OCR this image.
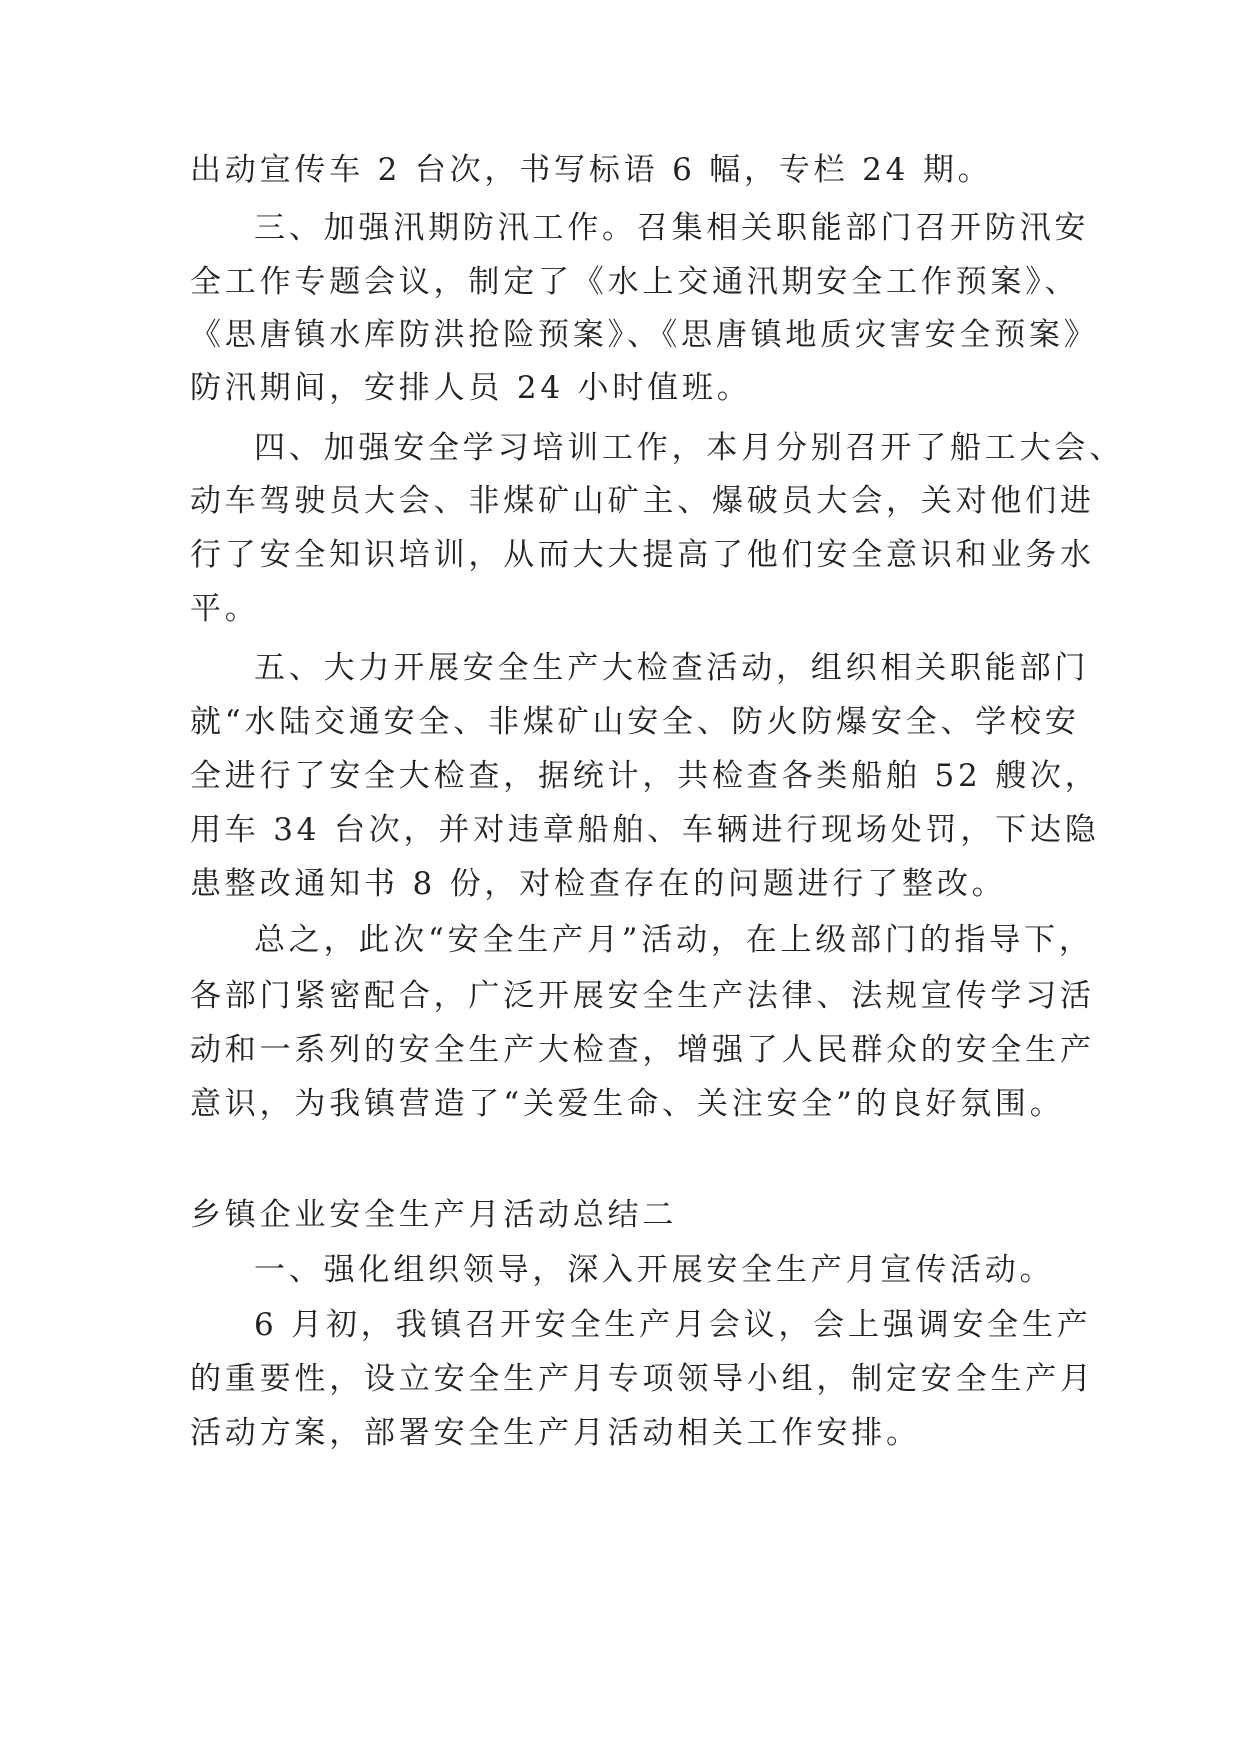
出动宣传车 2 台次，书写标语 6 幅，专栏 24 期。
三、加强汛期防汛工作。召集相关职能部门召开防汛安
全工作专题会议，制定了《水上交通汛期安全工作预案》、
《思唐镇水库防洪抢险预案》、《思唐镇地质灾害安全预案》
防汛期间，安排人员 24 小时值班。
四、加强安全学习培训工作，本月分别召开了船工大会、
动车驾驶员大会、非煤矿山矿主、爆破员大会，关对他们进
行了安全知识培训，从而大大提高了他们安全意识和业务水
平。
五、大力开展安全生产大检查活动，组织相关职能部门
就“水陆交通安全、非煤矿山安全、防火防爆安全、学校安
全进行了安全大检查，据统计，共检查各类船舶 52 艘次，
用车 34 台次，并对违章船舶、车辆进行现场处罚，下达隐
患整改通知书 8 份，对检查存在的问题进行了整改。
总之，此次“安全生产月”活动，在上级部门的指导下，
各部门紧密配合，广泛开展安全生产法律、法规宣传学习活
动和一系列的安全生产大检查，增强了人民群众的安全生产
意识，为我镇营造了“关爱生命、关注安全”的良好氛围。
乡镇企业安全生产月活动总结二
一、强化组织领导，深入开展安全生产月宣传活动。
6 月初，我镇召开安全生产月会议，会上强调安全生产
的重要性，设立安全生产月专项领导小组，制定安全生产月
活动方案，部署安全生产月活动相关工作安排。
